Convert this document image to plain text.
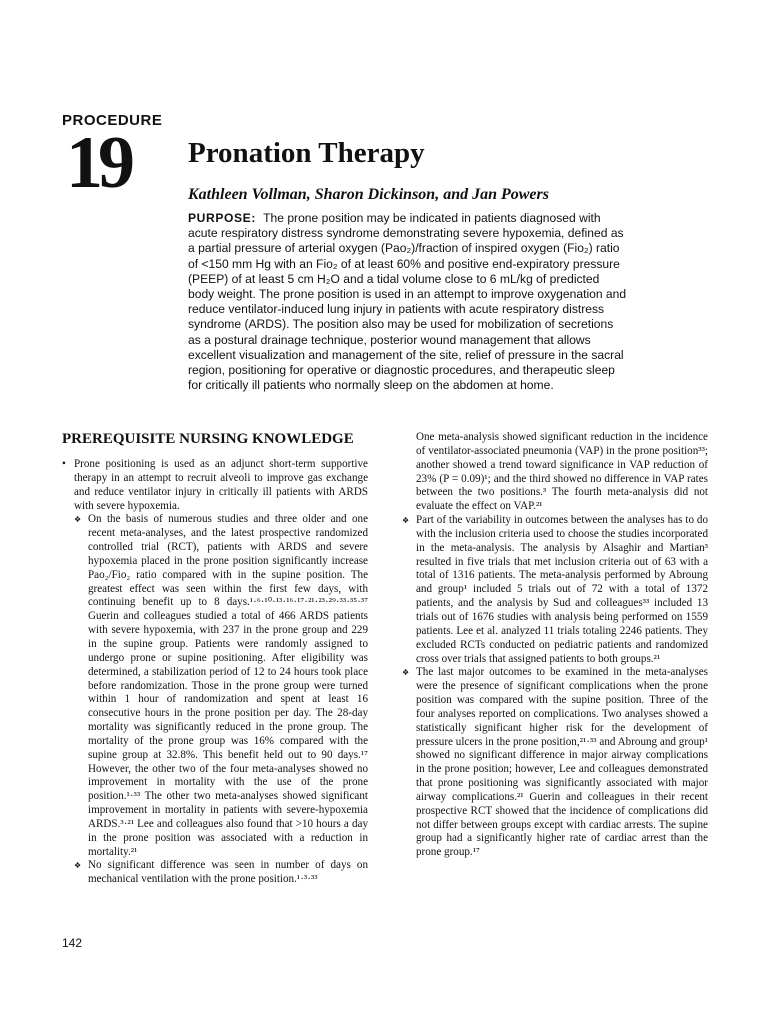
PROCEDURE
19 Pronation Therapy
Kathleen Vollman, Sharon Dickinson, and Jan Powers

PURPOSE: The prone position may be indicated in patients diagnosed with acute respiratory distress syndrome demonstrating severe hypoxemia, defined as a partial pressure of arterial oxygen (Pao₂)/fraction of inspired oxygen (Fio₂) ratio of <150 mm Hg with an Fio₂ of at least 60% and positive end-expiratory pressure (PEEP) of at least 5 cm H₂O and a tidal volume close to 6 mL/kg of predicted body weight. The prone position is used in an attempt to improve oxygenation and reduce ventilator-induced lung injury in patients with acute respiratory distress syndrome (ARDS). The position also may be used for mobilization of secretions as a postural drainage technique, posterior wound management that allows excellent visualization and management of the site, relief of pressure in the sacral region, positioning for operative or diagnostic procedures, and therapeutic sleep for critically ill patients who normally sleep on the abdomen at home.

PREREQUISITE NURSING KNOWLEDGE
• Prone positioning is used as an adjunct short-term supportive therapy in an attempt to recruit alveoli to improve gas exchange and reduce ventilator injury in critically ill patients with ARDS with severe hypoxemia.
❖ On the basis of numerous studies and three older and one recent meta-analyses, and the latest prospective randomized controlled trial (RCT), patients with ARDS and severe hypoxemia placed in the prone position significantly increase Pao₂/Fio₂ ratio compared with in the supine position. The greatest effect was seen within the first few days, with continuing benefit up to 8 days.¹·⁶·¹⁰·¹³·¹⁶·¹⁷·²¹·²³·²⁹·³³·³⁵·³⁷ Guerin and colleagues studied a total of 466 ARDS patients with severe hypoxemia, with 237 in the prone group and 229 in the supine group. Patients were randomly assigned to undergo prone or supine positioning. After eligibility was determined, a stabilization period of 12 to 24 hours took place before randomization. Those in the prone group were turned within 1 hour of randomization and spent at least 16 consecutive hours in the prone position per day. The 28-day mortality was significantly reduced in the prone group. The mortality of the prone group was 16% compared with the supine group at 32.8%. This benefit held out to 90 days.¹⁷ However, the other two of the four meta-analyses showed no improvement in mortality with the use of the prone position.¹·³³ The other two meta-analyses showed significant improvement in mortality in patients with severe-hypoxemia ARDS.³·²¹ Lee and colleagues also found that >10 hours a day in the prone position was associated with a reduction in mortality.²¹
❖ No significant difference was seen in number of days on mechanical ventilation with the prone position.¹·³·³³

One meta-analysis showed significant reduction in the incidence of ventilator-associated pneumonia (VAP) in the prone position³³; another showed a trend toward significance in VAP reduction of 23% (P = 0.09)¹; and the third showed no difference in VAP rates between the two positions.³ The fourth meta-analysis did not evaluate the effect on VAP.²¹

❖ Part of the variability in outcomes between the analyses has to do with the inclusion criteria used to choose the studies incorporated in the meta-analysis. The analysis by Alsaghir and Martian³ resulted in five trials that met inclusion criteria out of 63 with a total of 1316 patients. The meta-analysis performed by Abroung and group¹ included 5 trials out of 72 with a total of 1372 patients, and the analysis by Sud and colleagues³³ included 13 trials out of 1676 studies with analysis being performed on 1559 patients. Lee et al. analyzed 11 trials totaling 2246 patients. They excluded RCTs conducted on pediatric patients and randomized cross over trials that assigned patients to both groups.²¹
❖ The last major outcomes to be examined in the meta-analyses were the presence of significant complications when the prone position was compared with the supine position. Three of the four analyses reported on complications. Two analyses showed a statistically significant higher risk for the development of pressure ulcers in the prone position,²¹·³³ and Abroung and group¹ showed no significant difference in major airway complications in the prone position; however, Lee and colleagues demonstrated that prone positioning was significantly associated with major airway complications.²¹ Guerin and colleagues in their recent prospective RCT showed that the incidence of complications did not differ between groups except with cardiac arrests. The supine group had a significantly higher rate of cardiac arrest than the prone group.¹⁷
142
